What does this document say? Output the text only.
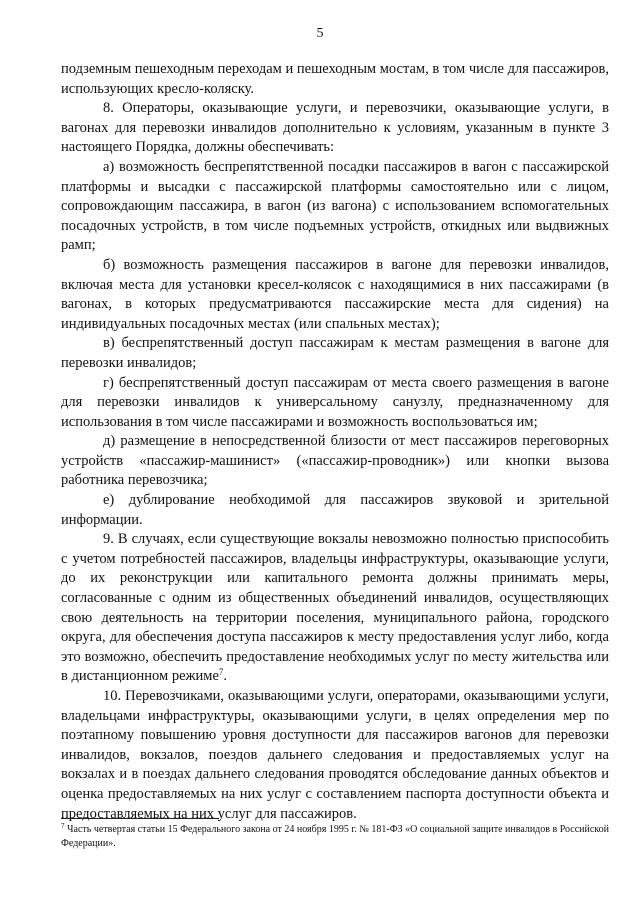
5

подземным пешеходным переходам и пешеходным мостам, в том числе для пассажиров, использующих кресло-коляску.

8. Операторы, оказывающие услуги, и перевозчики, оказывающие услуги, в вагонах для перевозки инвалидов дополнительно к условиям, указанным в пункте 3 настоящего Порядка, должны обеспечивать:

а) возможность беспрепятственной посадки пассажиров в вагон с пассажирской платформы и высадки с пассажирской платформы самостоятельно или с лицом, сопровождающим пассажира, в вагон (из вагона) с использованием вспомогательных посадочных устройств, в том числе подъемных устройств, откидных или выдвижных рамп;

б) возможность размещения пассажиров в вагоне для перевозки инвалидов, включая места для установки кресел-колясок с находящимися в них пассажирами (в вагонах, в которых предусматриваются пассажирские места для сидения) на индивидуальных посадочных местах (или спальных местах);

в) беспрепятственный доступ пассажирам к местам размещения в вагоне для перевозки инвалидов;

г) беспрепятственный доступ пассажирам от места своего размещения в вагоне для перевозки инвалидов к универсальному санузлу, предназначенному для использования в том числе пассажирами и возможность воспользоваться им;

д) размещение в непосредственной близости от мест пассажиров переговорных устройств «пассажир-машинист» («пассажир-проводник») или кнопки вызова работника перевозчика;

е) дублирование необходимой для пассажиров звуковой и зрительной информации.

9. В случаях, если существующие вокзалы невозможно полностью приспособить с учетом потребностей пассажиров, владельцы инфраструктуры, оказывающие услуги, до их реконструкции или капитального ремонта должны принимать меры, согласованные с одним из общественных объединений инвалидов, осуществляющих свою деятельность на территории поселения, муниципального района, городского округа, для обеспечения доступа пассажиров к месту предоставления услуг либо, когда это возможно, обеспечить предоставление необходимых услуг по месту жительства или в дистанционном режиме$^7$.

10. Перевозчиками, оказывающими услуги, операторами, оказывающими услуги, владельцами инфраструктуры, оказывающими услуги, в целях определения мер по поэтапному повышению уровня доступности для пассажиров вагонов для перевозки инвалидов, вокзалов, поездов дальнего следования и предоставляемых услуг на вокзалах и в поездах дальнего следования проводятся обследование данных объектов и оценка предоставляемых на них услуг с составлением паспорта доступности объекта и предоставляемых на них услуг для пассажиров.

$^7$ Часть четвертая статьи 15 Федерального закона от 24 ноября 1995 г. № 181-ФЗ «О социальной защите инвалидов в Российской Федерации».
